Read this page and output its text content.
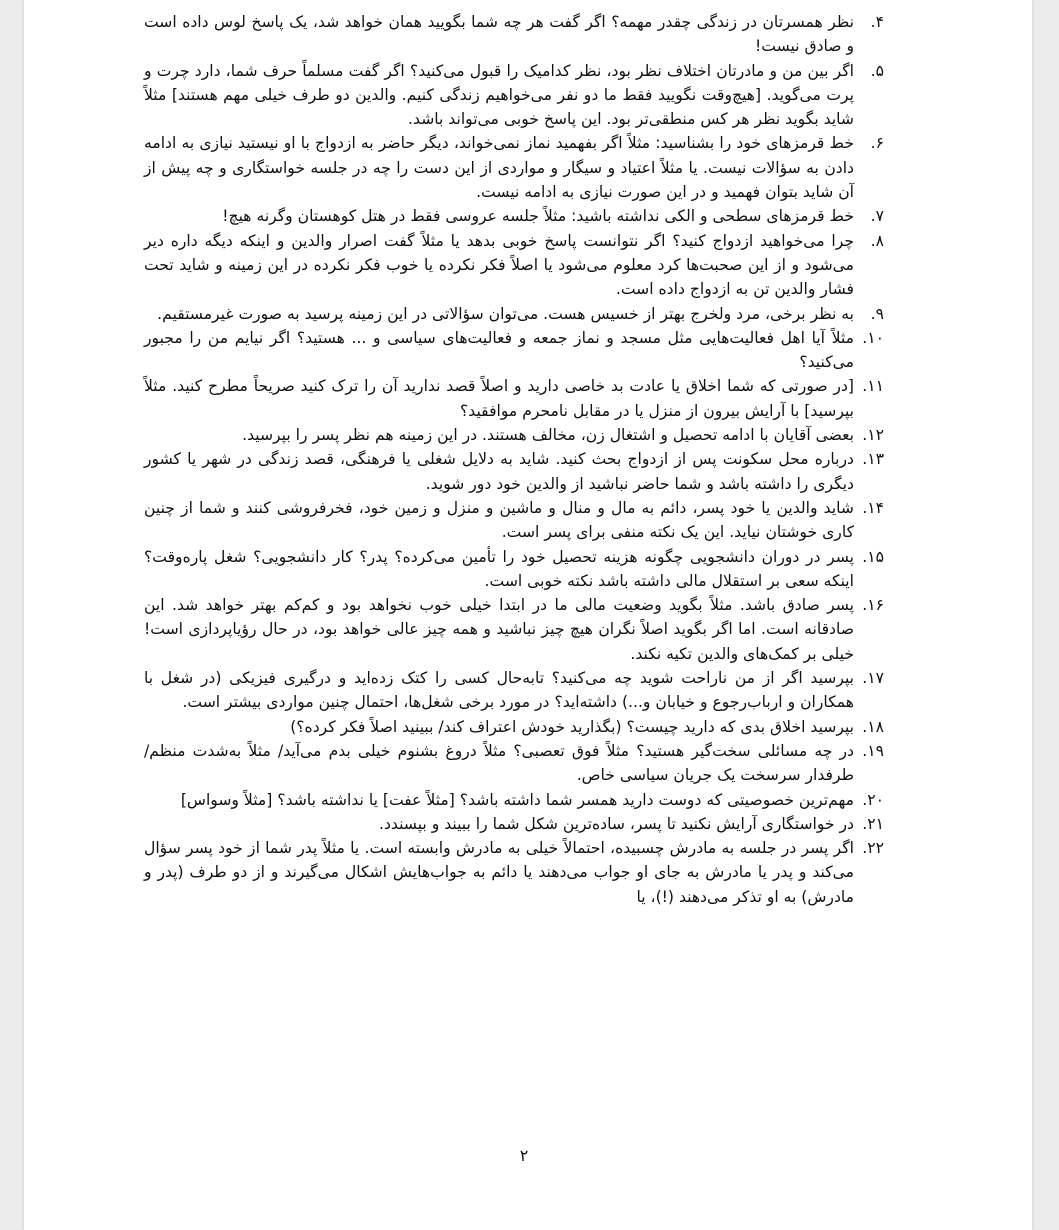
۴.
نظر همسرتان در زندگی چقدر مهمه؟ اگر گفت هر چه شما بگویید همان خواهد شد، یک پاسخ لوس داده است و صادق نیست!

۵.
اگر بین من و مادرتان اختلاف نظر بود، نظر کدامیک را قبول می‌کنید؟ اگر گفت مسلماً حرف شما، دارد چرت و پرت می‌گوید. [هیچ‌وقت نگویید فقط ما دو نفر می‌خواهیم زندگی کنیم. والدین دو طرف خیلی مهم هستند] مثلاً شاید بگوید نظر هر کس منطقی‌تر بود. این پاسخ خوبی می‌تواند باشد.

۶.
خط قرمزهای خود را بشناسید: مثلاً اگر بفهمید نماز نمی‌خواند، دیگر حاضر به ازدواج با او نیستید نیازی به ادامه دادن به سؤالات نیست. یا مثلاً اعتیاد و سیگار و مواردی از این دست را چه در جلسه خواستگاری و چه پیش از آن شاید بتوان فهمید و در این صورت نیازی به ادامه نیست.

۷.
خط قرمزهای سطحی و الکی نداشته باشید: مثلاً جلسه عروسی فقط در هتل کوهستان وگرنه هیچ!

۸.
چرا می‌خواهید ازدواج کنید؟ اگر نتوانست پاسخ خوبی بدهد یا مثلاً گفت اصرار والدین و اینکه دیگه داره دیر می‌شود و از این صحبت‌ها کرد معلوم می‌شود یا اصلاً فکر نکرده یا خوب فکر نکرده در این زمینه و شاید تحت فشار والدین تن به ازدواج داده است.

۹.
به نظر برخی، مرد ولخرج بهتر از خسیس هست. می‌توان سؤالاتی در این زمینه پرسید به صورت غیرمستقیم.

۱۰.
مثلاً آیا اهل فعالیت‌هایی مثل مسجد و نماز جمعه و فعالیت‌های سیاسی و ... هستید؟ اگر نیایم من را مجبور می‌کنید؟

۱۱.
[در صورتی که شما اخلاق یا عادت بد خاصی دارید و اصلاً قصد ندارید آن را ترک کنید صریحاً مطرح کنید. مثلاً بپرسید] با آرایش بیرون از منزل یا در مقابل نامحرم موافقید؟

۱۲.
بعضی آقایان با ادامه تحصیل و اشتغال زن، مخالف هستند. در این زمینه هم نظر پسر را بپرسید.

۱۳.
درباره محل سکونت پس از ازدواج بحث کنید. شاید به دلایل شغلی یا فرهنگی، قصد زندگی در شهر یا کشور دیگری را داشته باشد و شما حاضر نباشید از والدین خود دور شوید.

۱۴.
شاید والدین یا خود پسر، دائم به مال و منال و ماشین و منزل و زمین خود، فخرفروشی کنند و شما از چنین کاری خوشتان نیاید. این یک نکته منفی برای پسر است.

۱۵.
پسر در دوران دانشجویی چگونه هزینه تحصیل خود را تأمین می‌کرده؟ پدر؟ کار دانشجویی؟ شغل پاره‌وقت؟ اینکه سعی بر استقلال مالی داشته باشد نکته خوبی است.

۱۶.
پسر صادق باشد. مثلاً بگوید وضعیت مالی ما در ابتدا خیلی خوب نخواهد بود و کم‌کم بهتر خواهد شد. این صادقانه است. اما اگر بگوید اصلاً نگران هیچ چیز نباشید و همه چیز عالی خواهد بود، در حال رؤیاپردازی است! خیلی بر کمک‌های والدین تکیه نکند.

۱۷.
بپرسید اگر از من ناراحت شوید چه می‌کنید؟ تابه‌حال کسی را کتک زده‌اید و درگیری فیزیکی (در شغل با همکاران و ارباب‌رجوع و خیابان و...) داشته‌اید؟ در مورد برخی شغل‌ها، احتمال چنین مواردی بیشتر است.

۱۸.
بپرسید اخلاق بدی که دارید چیست؟ (بگذارید خودش اعتراف کند/ ببینید اصلاً فکر کرده؟)

۱۹.
در چه مسائلی سخت‌گیر هستید؟ مثلاً فوق تعصبی؟ مثلاً دروغ بشنوم خیلی بدم می‌آید/ مثلاً به‌شدت منظم/ طرفدار سرسخت یک جریان سیاسی خاص.

۲۰.
مهم‌ترین خصوصیتی که دوست دارید همسر شما داشته باشد؟ [مثلاً عفت] یا نداشته باشد؟ [مثلاً وسواس]

۲۱.
در خواستگاری آرایش نکنید تا پسر، ساده‌ترین شکل شما را ببیند و بپسندد.

۲۲.
اگر پسر در جلسه به مادرش چسبیده، احتمالاً خیلی به مادرش وابسته است. یا مثلاً پدر شما از خود پسر سؤال می‌کند و پدر یا مادرش به جای او جواب می‌دهند یا دائم به جواب‌هایش اشکال می‌گیرند و از دو طرف (پدر و مادرش) به او تذکر می‌دهند (!)، یا

۲
